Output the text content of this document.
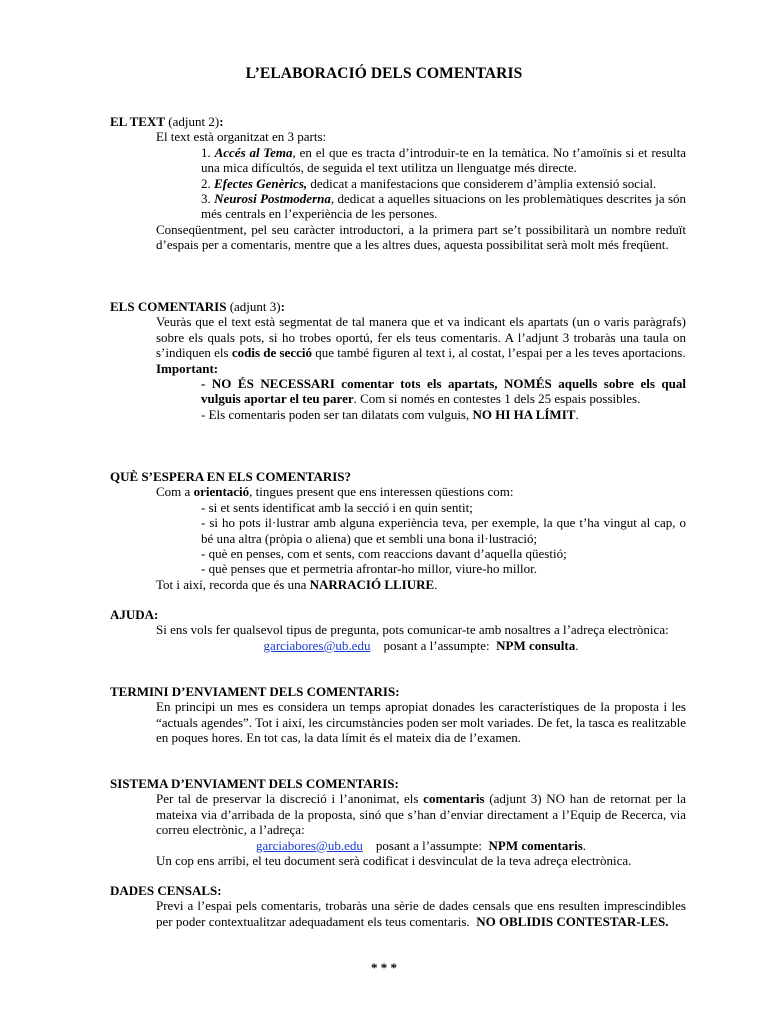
L’ELABORACIÓ DELS COMENTARIS

EL TEXT (adjunt 2):

El text està organitzat en 3 parts:

1. Accés al Tema, en el que es tracta d’introduir-te en la temàtica. No t’amoïnis si et resulta una mica difícultós, de seguida el text utilitza un llenguatge més directe.

2. Efectes Genèrics, dedicat a manifestacions que considerem d’àmplia extensió social.

3. Neurosi Postmoderna, dedicat a aquelles situacions on les problemàtiques descrites ja són més centrals en l’experiència de les persones.

Conseqüentment, pel seu caràcter introductori, a la primera part se’t possibilitarà un nombre reduït d’espais per a comentaris, mentre que a les altres dues, aquesta possibilitat serà molt més freqüent.

ELS COMENTARIS (adjunt 3):

Veuràs que el text està segmentat de tal manera que et va indicant els apartats (un o varis paràgrafs) sobre els quals pots, si ho trobes oportú, fer els teus comentaris. A l’adjunt 3 trobaràs una taula on s’indiquen els codis de secció que també figuren al text i, al costat, l’espai per a les teves aportacions.

Important:

- NO ÉS NECESSARI comentar tots els apartats, NOMÉS aquells sobre els qual vulguis aportar el teu parer. Com si només en contestes 1 dels 25 espais possibles.

- Els comentaris poden ser tan dilatats com vulguis, NO HI HA LÍMIT.

QUÈ S’ESPERA EN ELS COMENTARIS?

Com a orientació, tingues present que ens interessen qüestions com:

- si et sents identificat amb la secció i en quin sentit;

- si ho pots il·lustrar amb alguna experiència teva, per exemple, la que t’ha vingut al cap, o bé una altra (pròpia o aliena) que et sembli una bona il·lustració;

- què en penses, com et sents, com reaccions davant d’aquella qüestió;

- què penses que et permetria afrontar-ho millor, viure-ho millor.

Tot i així, recorda que és una NARRACIÓ LLIURE.

AJUDA:

Si ens vols fer qualsevol tipus de pregunta, pots comunicar-te amb nosaltres a l’adreça electrònica:

garciabores@ub.edu    posant a l’assumpte:  NPM consulta.

TERMINI D’ENVIAMENT DELS COMENTARIS:

En principi un mes es considera un temps apropiat donades les característiques de la proposta i les “actuals agendes”. Tot i així, les circumstàncies poden ser molt variades. De fet, la tasca es realitzable en poques hores. En tot cas, la data límit és el mateix dia de l’examen.

SISTEMA D’ENVIAMENT DELS COMENTARIS:

Per tal de preservar la discreció i l’anonimat, els comentaris (adjunt 3) NO han de retornat per la mateixa via d’arribada de la proposta, sinó que s’han d’enviar directament a l’Equip de Recerca, via correu electrònic, a l’adreça:

garciabores@ub.edu    posant a l’assumpte:  NPM comentaris.

Un cop ens arribi, el teu document serà codificat i desvinculat de la teva adreça electrònica.

DADES CENSALS:

Previ a l’espai pels comentaris, trobaràs una sèrie de dades censals que ens resulten imprescindibles per poder contextualitzar adequadament els teus comentaris.  NO OBLIDIS CONTESTAR-LES.

* * *
